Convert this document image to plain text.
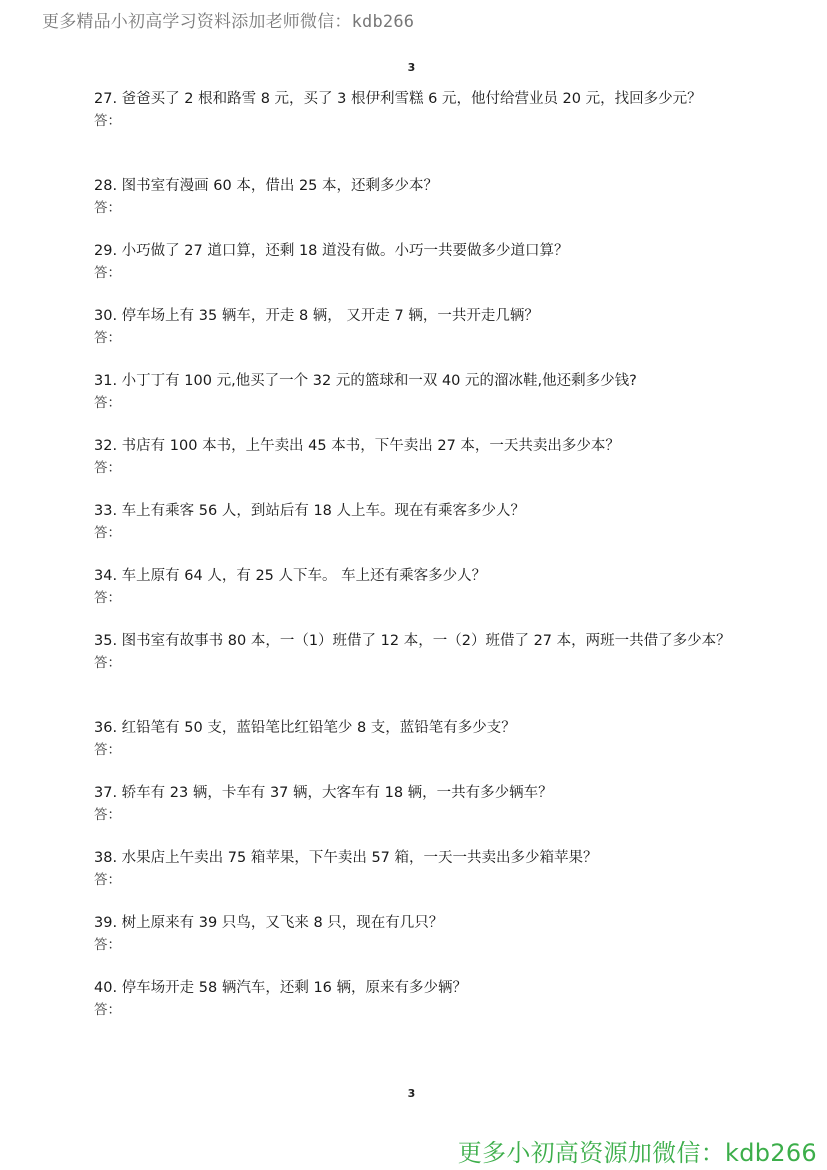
更多精品小初高学习资料添加老师微信：kdb266
3

27. 爸爸买了 2 根和路雪 8 元，买了 3 根伊利雪糕 6 元，他付给营业员 20 元，找回多少元？

答：

28. 图书室有漫画 60 本，借出 25 本，还剩多少本？

答：

29. 小巧做了 27 道口算，还剩 18 道没有做。小巧一共要做多少道口算？

答：

30. 停车场上有 35 辆车，开走 8 辆， 又开走 7 辆，一共开走几辆？

答：

31. 小丁丁有 100 元,他买了一个 32 元的篮球和一双 40 元的溜冰鞋,他还剩多少钱?

答：

32. 书店有 100 本书，上午卖出 45 本书，下午卖出 27 本，一天共卖出多少本？

答：

33. 车上有乘客 56 人，到站后有 18 人上车。现在有乘客多少人？

答：

34. 车上原有 64 人，有 25 人下车。 车上还有乘客多少人？

答：

35. 图书室有故事书 80 本，一（1）班借了 12 本，一（2）班借了 27 本，两班一共借了多少本？

答：

36. 红铅笔有 50 支，蓝铅笔比红铅笔少 8 支，蓝铅笔有多少支？

答：

37. 轿车有 23 辆，卡车有 37 辆，大客车有 18 辆，一共有多少辆车？

答：

38. 水果店上午卖出 75 箱苹果，下午卖出 57 箱，一天一共卖出多少箱苹果？

答：

39. 树上原来有 39 只鸟，又飞来 8 只，现在有几只？

答：

40. 停车场开走 58 辆汽车，还剩 16 辆，原来有多少辆？

答：

3
更多小初高资源加微信：kdb266
